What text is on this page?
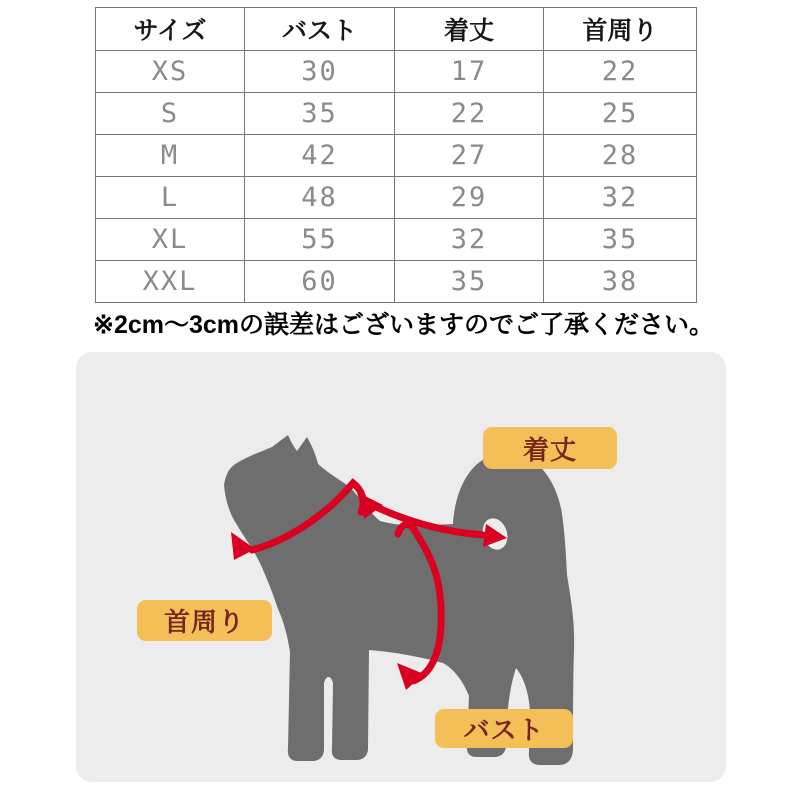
サイズ	バスト	着丈	首周り
XS	30	17	22
S	35	22	25
M	42	27	28
L	48	29	32
XL	55	32	35
XXL	60	35	38
※2cm〜3cmの誤差はございますのでご了承ください。
着丈
首周り
バスト
